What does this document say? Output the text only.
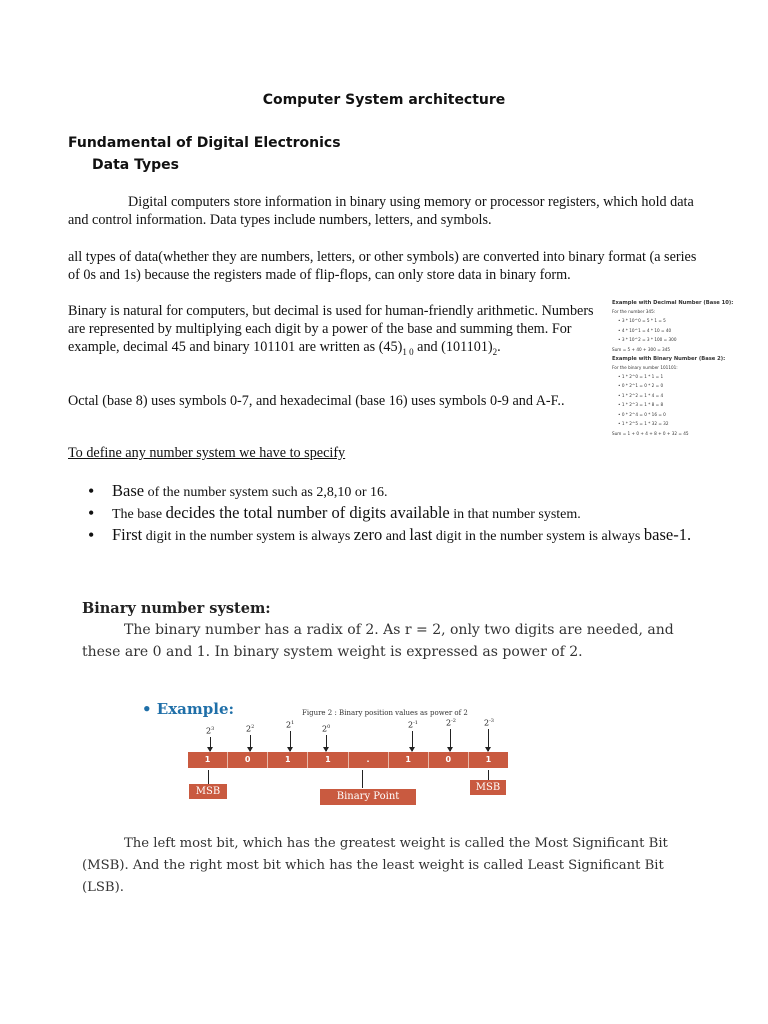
Computer System architecture
Fundamental of Digital Electronics
Data Types
Digital computers store information in binary using memory or processor registers, which hold data and control information. Data types include numbers, letters, and symbols.
all types of data(whether they are numbers, letters, or other symbols) are converted into binary format (a series of 0s and 1s) because the registers made of flip-flops, can only store data in binary form.
Binary is natural for computers, but decimal is used for human-friendly arithmetic. Numbers are represented by multiplying each digit by a power of the base and summing them. For example, decimal 45 and binary 101101 are written as $(45)_{1 0}$ and $(101101)_2$.
Octal (base 8) uses symbols 0-7, and hexadecimal (base 16) uses symbols 0-9 and A-F..
To define any number system we have to specify
• Base of the number system such as 2,8,10 or 16.
• The base decides the total number of digits available in that number system.
• First digit in the number system is always zero and last digit in the number system is always base-1.
Example with Decimal Number (Base 10):
For the number 345:
• 3 * 10^0 = 5 * 1 = 5
• 4 * 10^1 = 4 * 10 = 40
• 3 * 10^2 = 3 * 100 = 300
Sum = 5 + 40 + 300 = 345
Example with Binary Number (Base 2):
For the binary number 101101:
• 1 * 2^0 = 1 * 1 = 1
• 0 * 2^1 = 0 * 2 = 0
• 1 * 2^2 = 1 * 4 = 4
• 1 * 2^3 = 1 * 8 = 8
• 0 * 2^4 = 0 * 16 = 0
• 1 * 2^5 = 1 * 32 = 32
Sum = 1 + 0 + 4 + 8 + 0 + 32 = 45
Binary number system:
The binary number has a radix of 2. As r = 2, only two digits are needed, and these are 0 and 1. In binary system weight is expressed as power of 2.
• Example:	Figure 2 : Binary position values as power of 2
1	0	1	1	.	1	0	1
$2^3$	$2^2$	$2^1$
$2^0$	$2^{-1}$	$2^{-2}$	$2^{-3}$
MSB	Binary Point
MSB
The left most bit, which has the greatest weight is called the Most Significant Bit (MSB). And the right most bit which has the least weight is called Least Significant Bit (LSB).
